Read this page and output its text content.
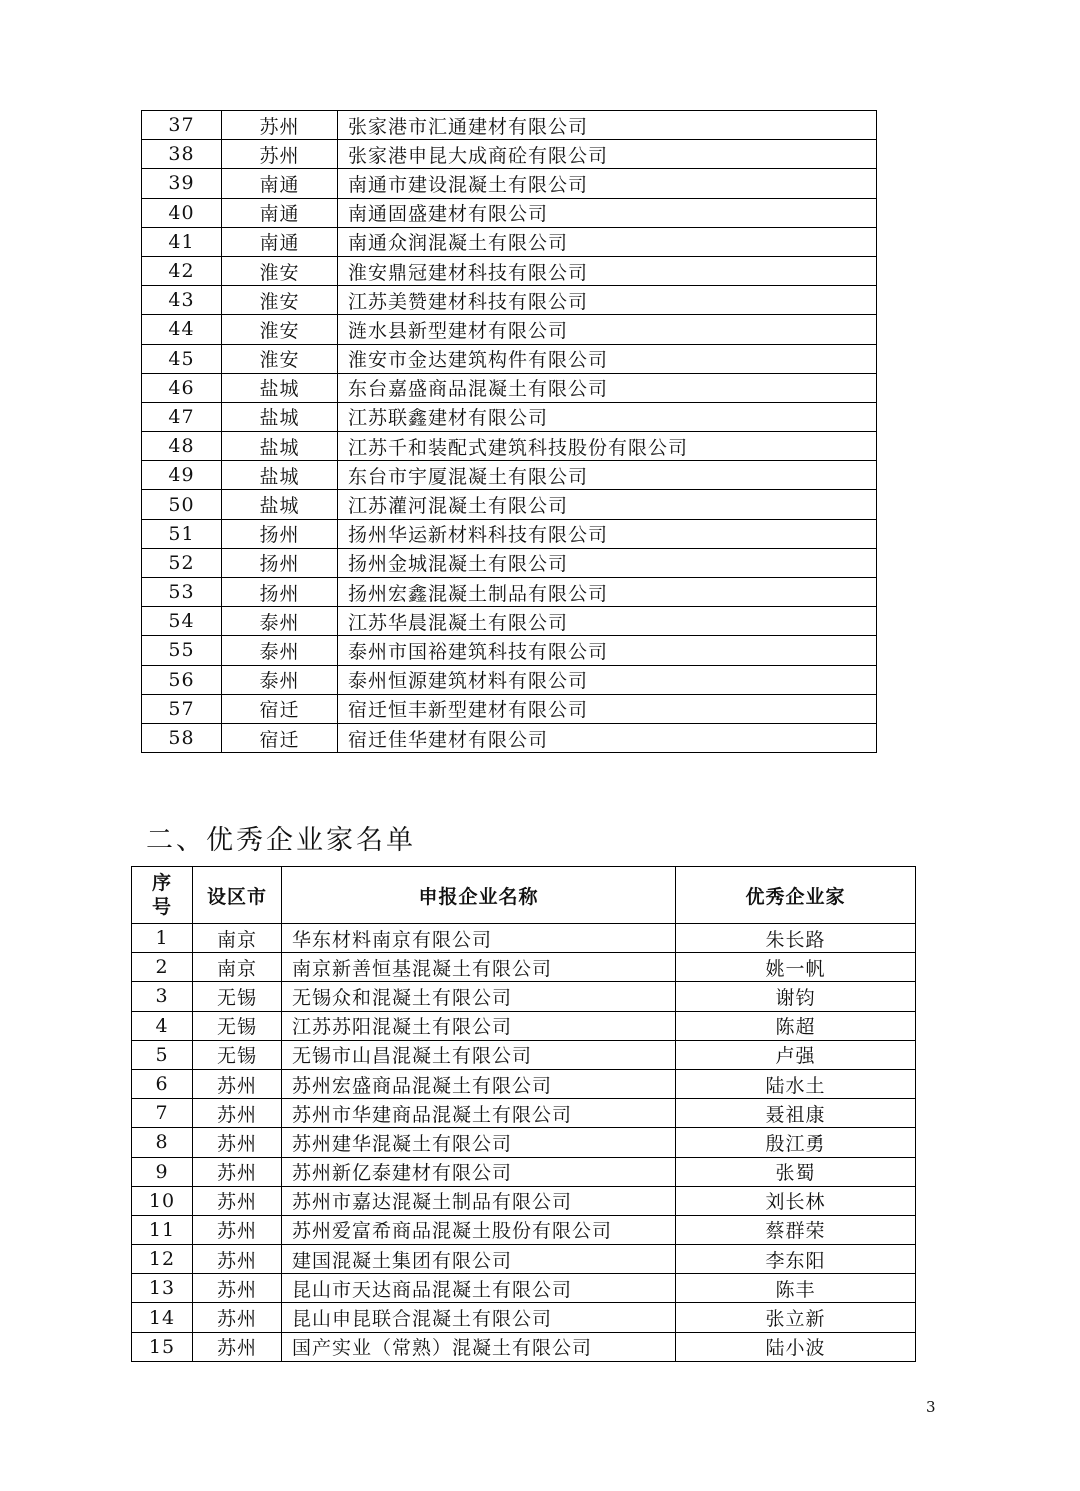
37	苏州	张家港市汇通建材有限公司
38	苏州	张家港申昆大成商砼有限公司
39	南通	南通市建设混凝土有限公司
40	南通	南通固盛建材有限公司
41	南通	南通众润混凝土有限公司
42	淮安	淮安鼎冠建材科技有限公司
43	淮安	江苏美赞建材科技有限公司
44	淮安	涟水县新型建材有限公司
45	淮安	淮安市金达建筑构件有限公司
46	盐城	东台嘉盛商品混凝土有限公司
47	盐城	江苏联鑫建材有限公司
48	盐城	江苏千和装配式建筑科技股份有限公司
49	盐城	东台市宇厦混凝土有限公司
50	盐城	江苏灌河混凝土有限公司
51	扬州	扬州华运新材料科技有限公司
52	扬州	扬州金城混凝土有限公司
53	扬州	扬州宏鑫混凝土制品有限公司
54	泰州	江苏华晨混凝土有限公司
55	泰州	泰州市国裕建筑科技有限公司
56	泰州	泰州恒源建筑材料有限公司
57	宿迁	宿迁恒丰新型建材有限公司
58	宿迁	宿迁佳华建材有限公司
二、优秀企业家名单
序号	设区市	申报企业名称	优秀企业家
1	南京	华东材料南京有限公司	朱长路
2	南京	南京新善恒基混凝土有限公司	姚一帆
3	无锡	无锡众和混凝土有限公司	谢钧
4	无锡	江苏苏阳混凝土有限公司	陈超
5	无锡	无锡市山昌混凝土有限公司	卢强
6	苏州	苏州宏盛商品混凝土有限公司	陆水土
7	苏州	苏州市华建商品混凝土有限公司	聂祖康
8	苏州	苏州建华混凝土有限公司	殷江勇
9	苏州	苏州新亿泰建材有限公司	张蜀
10	苏州	苏州市嘉达混凝土制品有限公司	刘长林
11	苏州	苏州爱富希商品混凝土股份有限公司	蔡群荣
12	苏州	建国混凝土集团有限公司	李东阳
13	苏州	昆山市天达商品混凝土有限公司	陈丰
14	苏州	昆山申昆联合混凝土有限公司	张立新
15	苏州	国产实业（常熟）混凝土有限公司	陆小波
3
